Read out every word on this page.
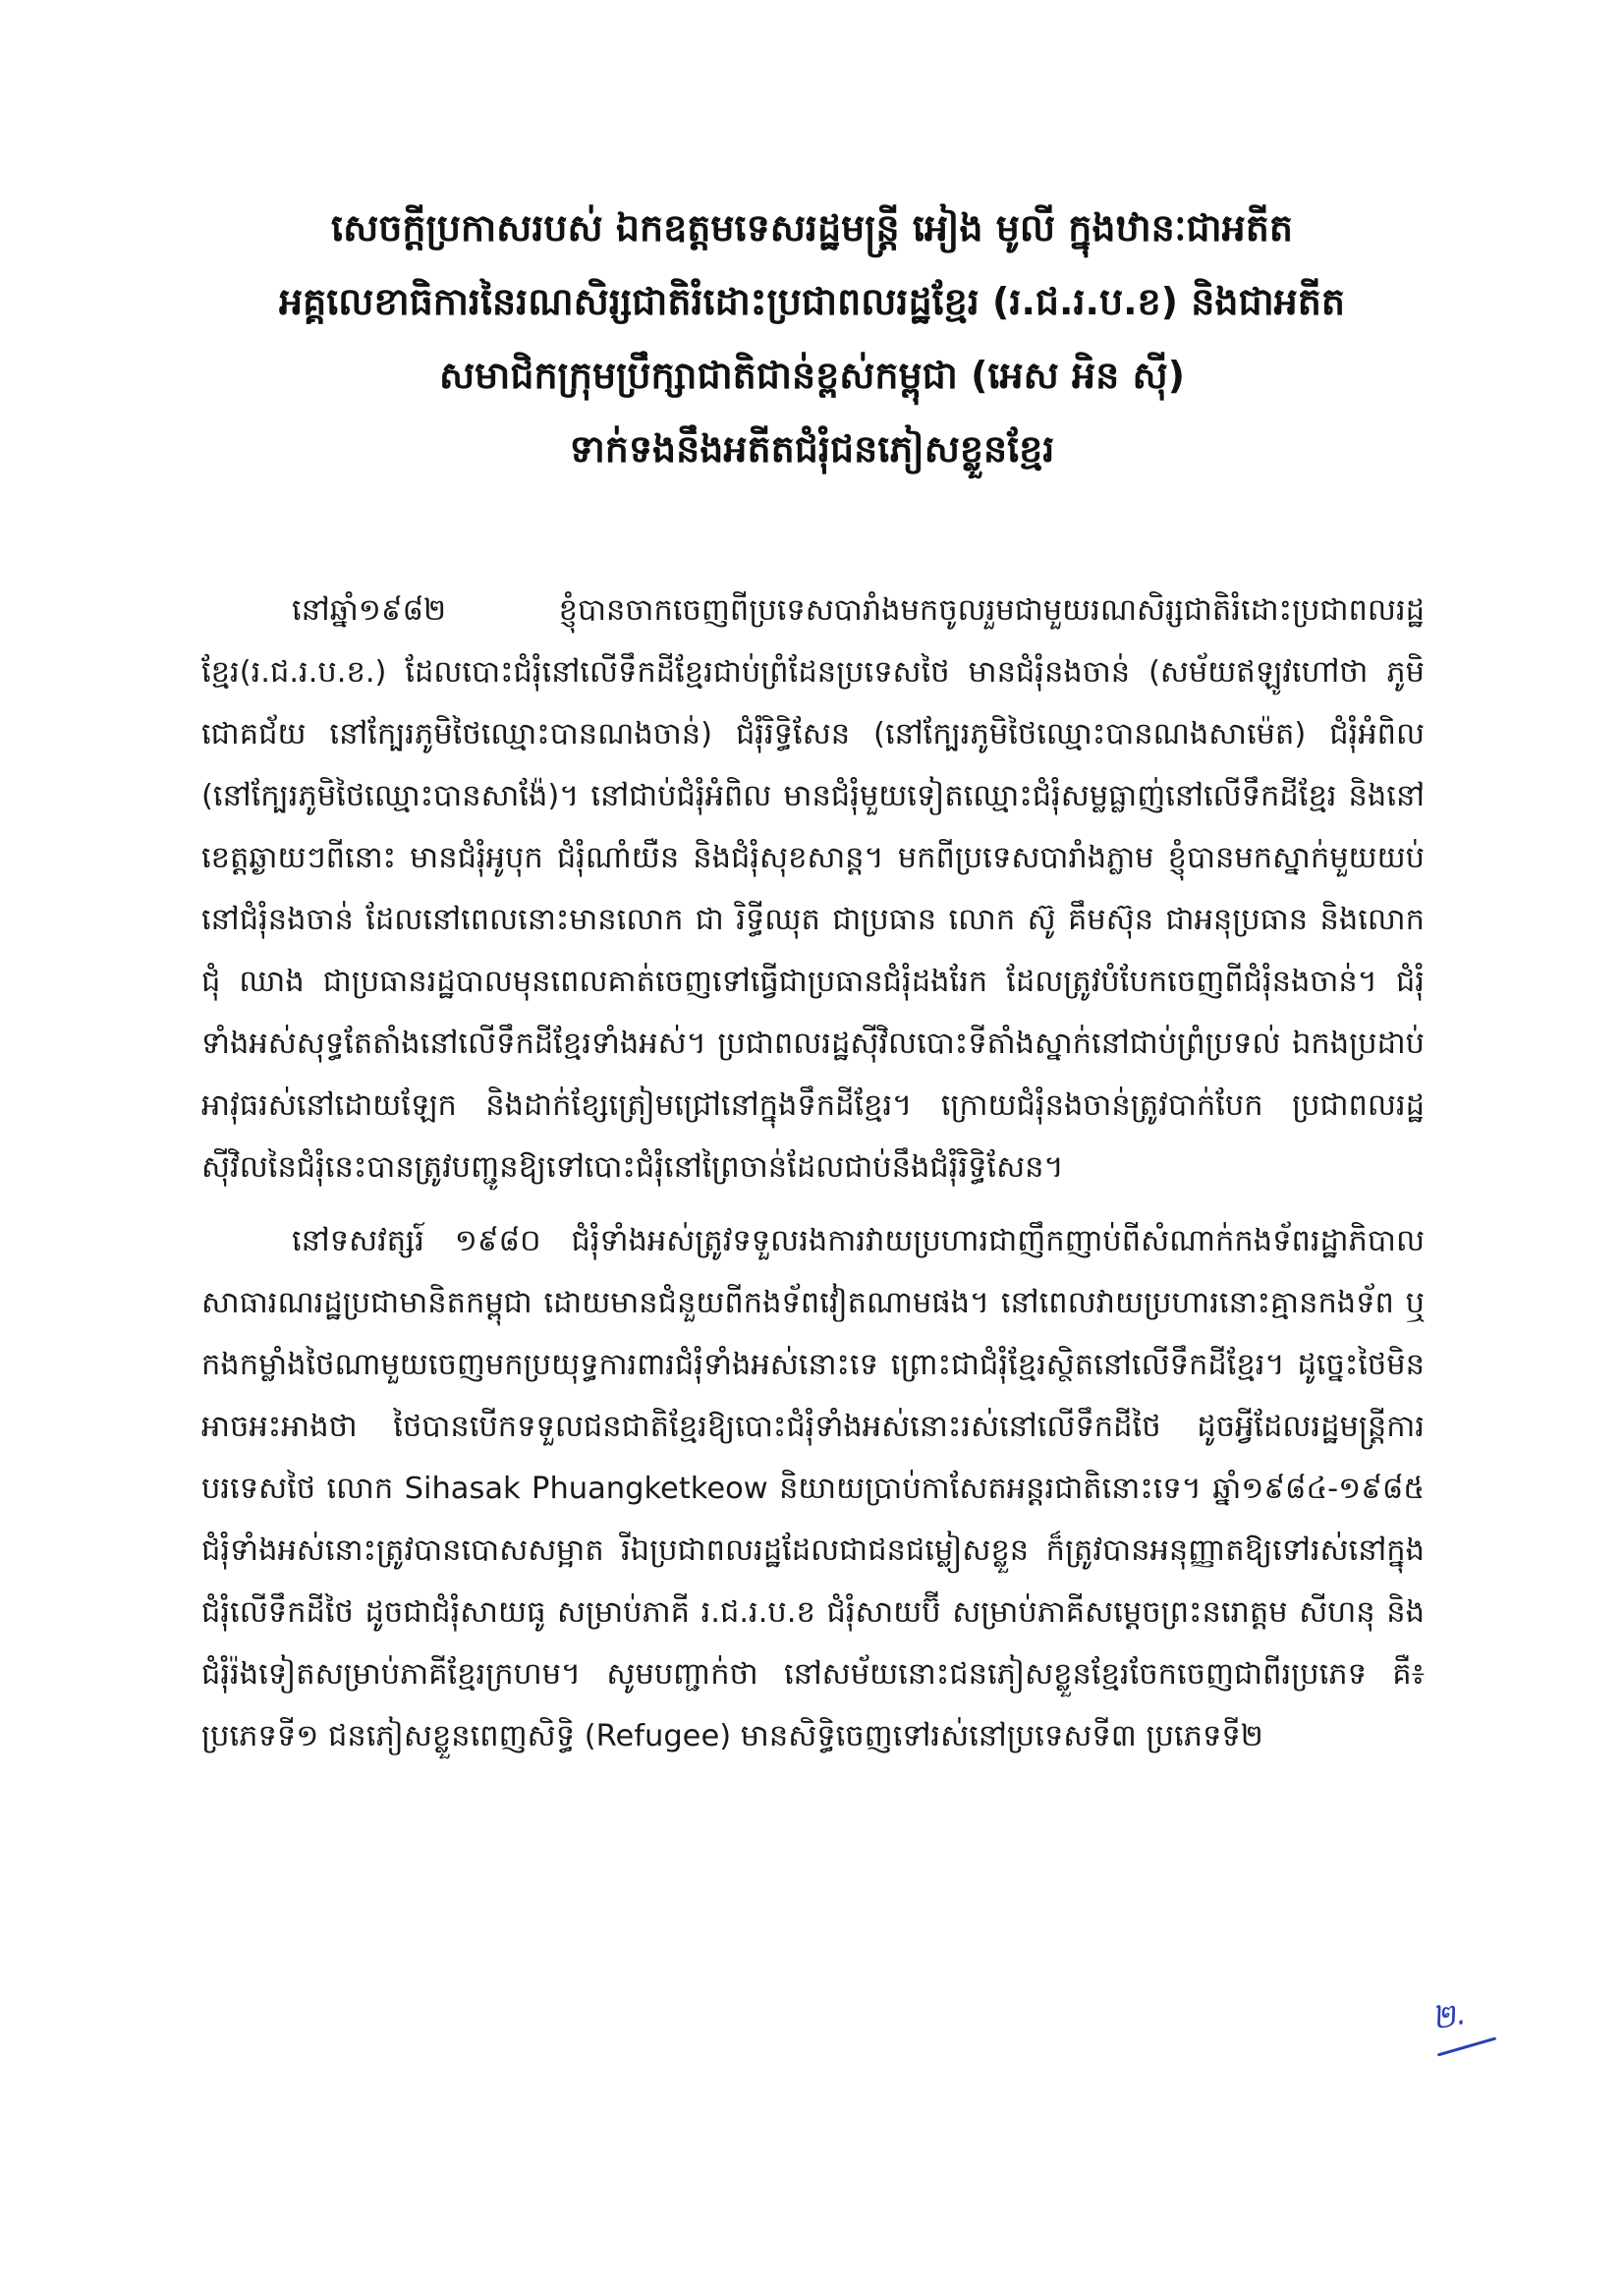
សេចក្តីប្រកាសរបស់ ឯកឧត្តមទេសរដ្ឋមន្ត្រី អៀង មូលី ក្នុងឋានៈជាអតីត
អគ្គលេខាធិការនៃរណសិរ្សជាតិរំដោះប្រជាពលរដ្ឋខ្មែរ (រ.ជ.រ.ប.ខ) និងជាអតីត
សមាជិកក្រុមប្រឹក្សាជាតិជាន់ខ្ពស់កម្ពុជា (អេស អិន ស៊ី)
ទាក់ទងនឹងអតីតជំរុំជនភៀសខ្លួនខ្មែរ

នៅឆ្នាំ១៩៨២ ខ្ញុំបានចាកចេញពីប្រទេសបារាំងមកចូលរួមជាមួយរណសិរ្សជាតិរំដោះប្រជាពលរដ្ឋខ្មែរ(រ.ជ.រ.ប.ខ.) ដែលបោះជំរុំនៅលើទឹកដីខ្មែរជាប់ព្រំដែនប្រទេសថៃ មានជំរុំនងចាន់ (សម័យឥឡូវហៅថា ភូមិជោគជ័យ នៅក្បែរភូមិថៃឈ្មោះបានណងចាន់) ជំរុំរិទ្ធិសែន (នៅក្បែរភូមិថៃឈ្មោះបានណងសាម៉េត) ជំរុំអំពិល (នៅក្បែរភូមិថៃឈ្មោះបានសាង៉ែ)។ នៅជាប់ជំរុំអំពិល មានជំរុំមួយទៀតឈ្មោះជំរុំសម្លធ្លាញ់នៅលើទឹកដីខ្មែរ និងនៅខេត្តឆ្ងាយៗពីនោះ មានជំរុំអូបុក ជំរុំណាំយឺន និងជំរុំសុខសាន្ត។ មកពីប្រទេសបារាំងភ្លាម ខ្ញុំបានមកស្នាក់មួយយប់នៅជំរុំនងចាន់ ដែលនៅពេលនោះមានលោក ជា រិទ្ធីឈុត ជាប្រធាន លោក ស៊ូ គឹមស៊ុន ជាអនុប្រធាន និងលោក ជុំ ឈាង ជាប្រធានរដ្ឋបាលមុនពេលគាត់ចេញទៅធ្វើជាប្រធានជំរុំដងរែក ដែលត្រូវបំបែកចេញពីជំរុំនងចាន់។ ជំរុំទាំងអស់សុទ្ធតែតាំងនៅលើទឹកដីខ្មែរទាំងអស់។ ប្រជាពលរដ្ឋស៊ីវិលបោះទីតាំងស្នាក់នៅជាប់ព្រំប្រទល់ ឯកងប្រដាប់អាវុធរស់នៅដោយឡែក និងដាក់ខ្សែត្រៀមជ្រៅនៅក្នុងទឹកដីខ្មែរ។ ក្រោយជំរុំនងចាន់ត្រូវបាក់បែក ប្រជាពលរដ្ឋស៊ីវិលនៃជំរុំនេះបានត្រូវបញ្ជូនឱ្យទៅបោះជំរុំនៅព្រៃចាន់ដែលជាប់នឹងជំរុំរិទ្ធិសែន។

នៅទសវត្សរ៍ ១៩៨០ ជំរុំទាំងអស់ត្រូវទទួលរងការវាយប្រហារជាញឹកញាប់ពីសំណាក់កងទ័ពរដ្ឋាភិបាលសាធារណរដ្ឋប្រជាមានិតកម្ពុជា ដោយមានជំនួយពីកងទ័ពវៀតណាមផង។ នៅពេលវាយប្រហារនោះគ្មានកងទ័ព ឬ កងកម្លាំងថៃណាមួយចេញមកប្រយុទ្ធការពារជំរុំទាំងអស់នោះទេ ព្រោះជាជំរុំខ្មែរស្ថិតនៅលើទឹកដីខ្មែរ។ ដូច្នេះថៃមិនអាចអះអាងថា ថៃបានបើកទទួលជនជាតិខ្មែរឱ្យបោះជំរុំទាំងអស់នោះរស់នៅលើទឹកដីថៃ ដូចអ្វីដែលរដ្ឋមន្ត្រីការបរទេសថៃ លោក Sihasak Phuangketkeow និយាយប្រាប់កាសែតអន្តរជាតិនោះទេ។ ឆ្នាំ១៩៨៤-១៩៨៥ ជំរុំទាំងអស់នោះត្រូវបានបោសសម្អាត រីឯប្រជាពលរដ្ឋដែលជាជនជម្លៀសខ្លួន ក៏ត្រូវបានអនុញ្ញាតឱ្យទៅរស់នៅក្នុងជំរុំលើទឹកដីថៃ ដូចជាជំរុំសាយធូ សម្រាប់ភាគី រ.ជ.រ.ប.ខ ជំរុំសាយប៊ី សម្រាប់ភាគីសម្តេចព្រះនរោត្តម សីហនុ និងជំរុំរ៉ងទៀតសម្រាប់ភាគីខ្មែរក្រហម។ សូមបញ្ជាក់ថា នៅសម័យនោះជនភៀសខ្លួនខ្មែរចែកចេញជាពីរប្រភេទ គឺ៖ ប្រភេទទី១ ជនភៀសខ្លួនពេញសិទ្ធិ (Refugee) មានសិទ្ធិចេញទៅរស់នៅប្រទេសទី៣ ប្រភេទទី២

២.
